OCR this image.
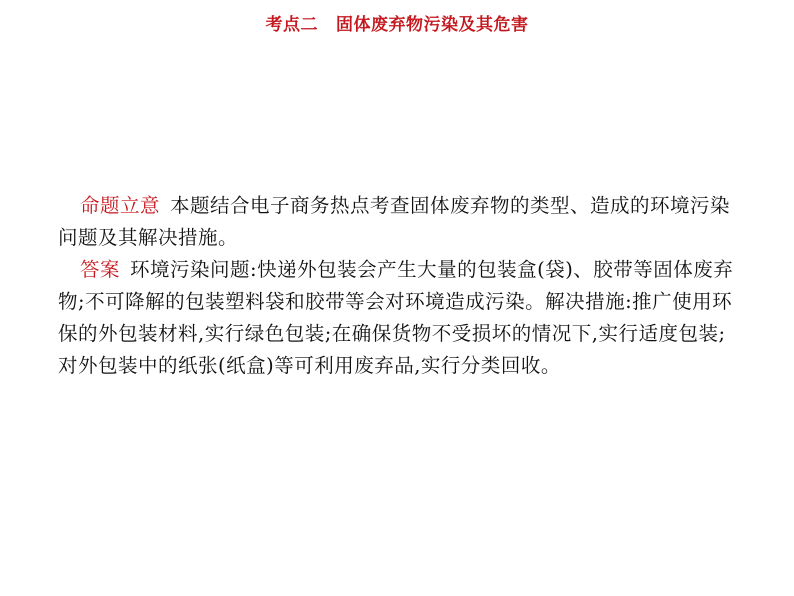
考点二 固体废弃物污染及其危害

命题立意 本题结合电子商务热点考查固体废弃物的类型、造成的环境污染问题及其解决措施。

答案 环境污染问题:快递外包装会产生大量的包装盒(袋)、胶带等固体废弃物;不可降解的包装塑料袋和胶带等会对环境造成污染。解决措施:推广使用环保的外包装材料,实行绿色包装;在确保货物不受损坏的情况下,实行适度包装;对外包装中的纸张(纸盒)等可利用废弃品,实行分类回收。
